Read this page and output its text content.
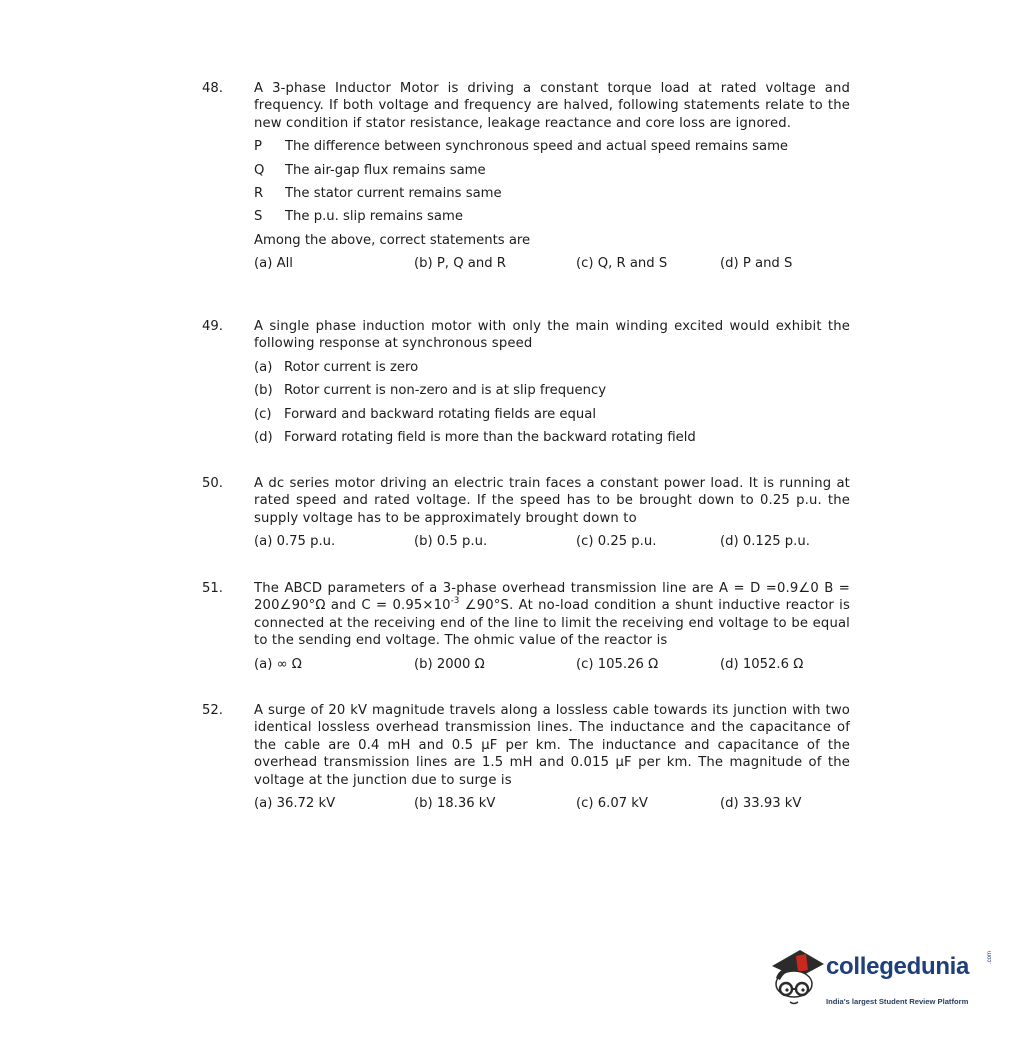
48.	A 3-phase Inductor Motor is driving a constant torque load at rated voltage and frequency. If both voltage and frequency are halved, following statements relate to the new condition if stator resistance, leakage reactance and core loss are ignored.
P	The difference between synchronous speed and actual speed remains same
Q	The air-gap flux remains same
R	The stator current remains same
S	The p.u. slip remains same
Among the above, correct statements are
(a) All	(b) P, Q and R	(c) Q, R and S	(d) P and S
49.	A single phase induction motor with only the main winding excited would exhibit the following response at synchronous speed
(a) Rotor current is zero
(b) Rotor current is non-zero and is at slip frequency
(c) Forward and backward rotating fields are equal
(d) Forward rotating field is more than the backward rotating field
50.	A dc series motor driving an electric train faces a constant power load. It is running at rated speed and rated voltage. If the speed has to be brought down to 0.25 p.u. the supply voltage has to be approximately brought down to
(a) 0.75 p.u.	(b) 0.5 p.u.	(c) 0.25 p.u.	(d) 0.125 p.u.
51.	The ABCD parameters of a 3-phase overhead transmission line are A = D =0.9∠0 B = 200∠90°Ω and $C = 0.95\times 10^{-3}$ ∠90°S. At no-load condition a shunt inductive reactor is connected at the receiving end of the line to limit the receiving end voltage to be equal to the sending end voltage. The ohmic value of the reactor is
(a) ∞ Ω	(b) 2000 Ω	(c) 105.26 Ω	(d) 1052.6 Ω
52.	A surge of 20 kV magnitude travels along a lossless cable towards its junction with two identical lossless overhead transmission lines. The inductance and the capacitance of the cable are 0.4 mH and 0.5 μF per km. The inductance and capacitance of the overhead transmission lines are 1.5 mH and 0.015 μF per km. The magnitude of the voltage at the junction due to surge is
(a) 36.72 kV	(b) 18.36 kV	(c) 6.07 kV	(d) 33.93 kV
collegedunia	.com
India's largest Student Review Platform
